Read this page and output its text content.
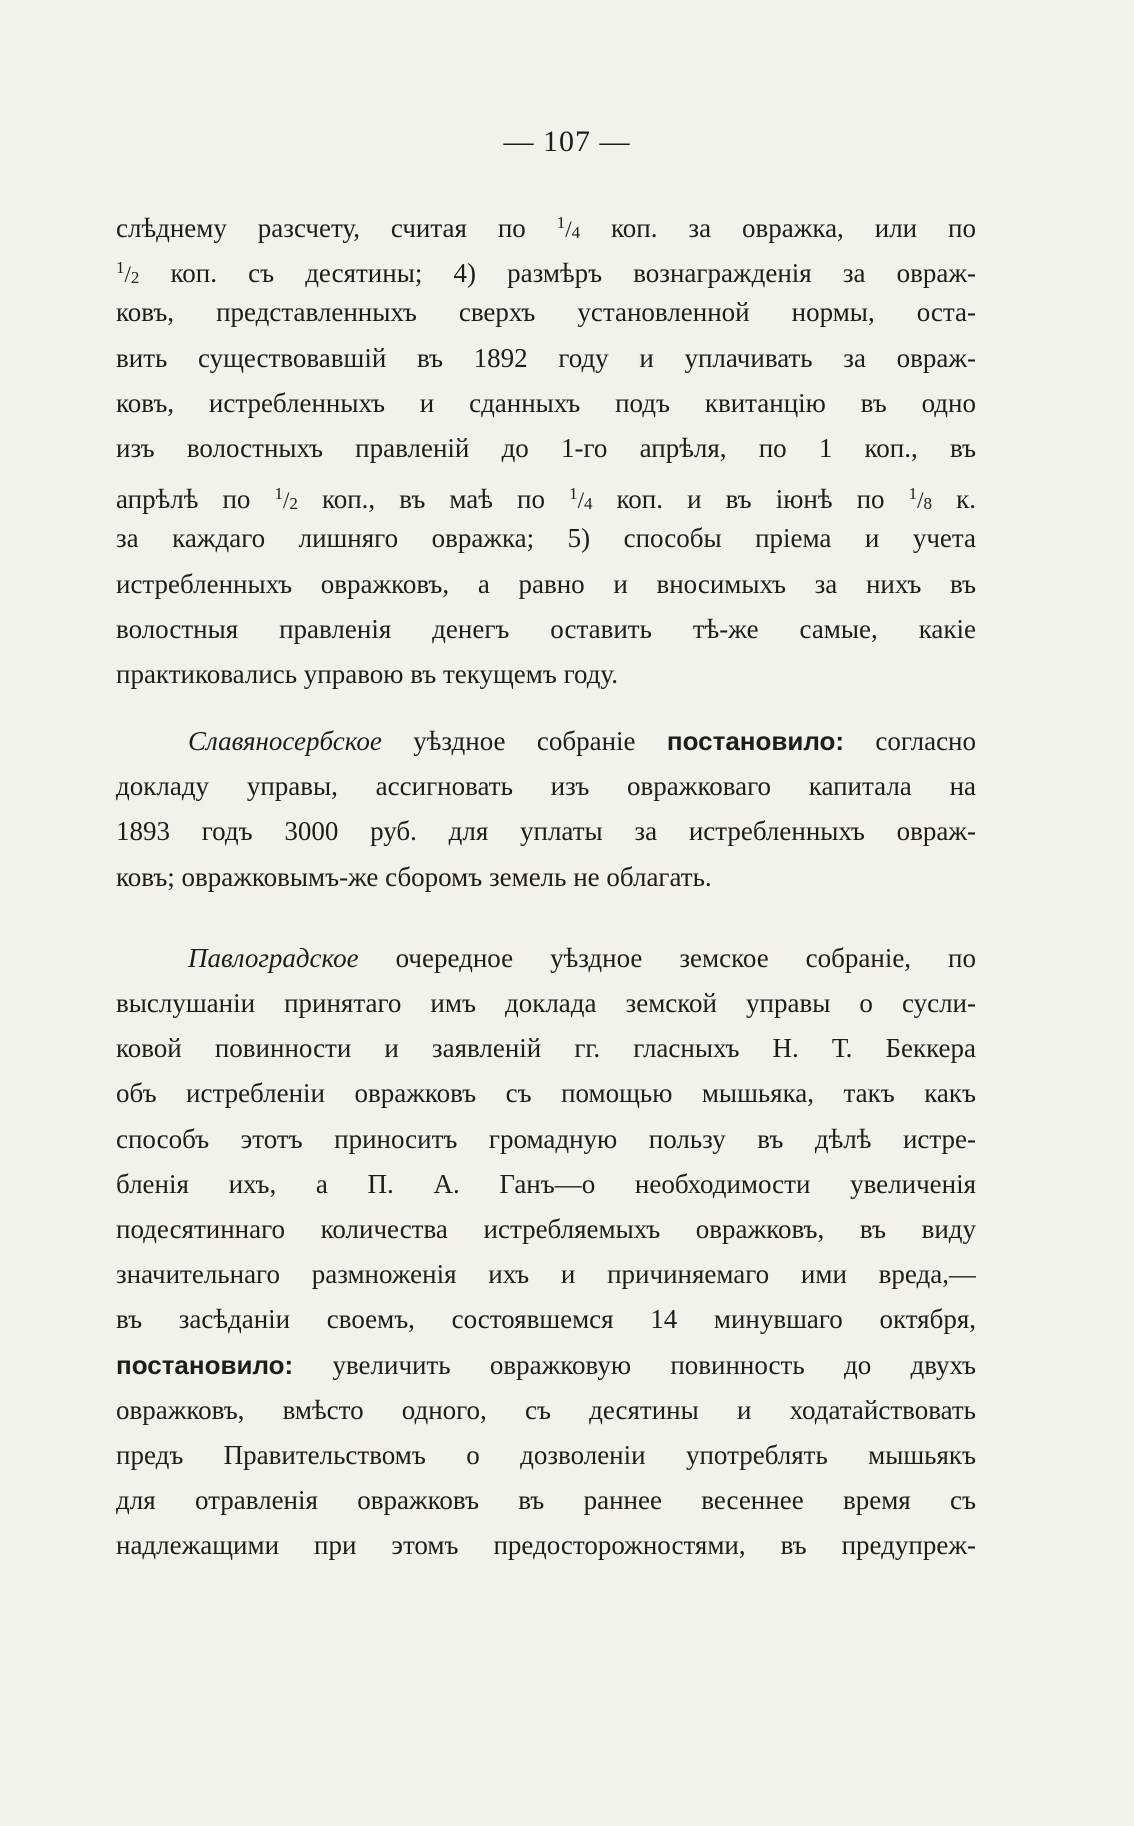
— 107 —
слѣднему разсчету, считая по $^1/_4$ коп. за овражка, или по
$^1/_2$ коп. съ десятины; 4) размѣръ вознагражденія за оврaж-
ковъ, представленныхъ сверхъ установленной нормы, оста-
вить существовавшій въ 1892 году и уплачивать за оврaж-
ковъ, истребленныхъ и сданныхъ подъ квитанцію въ одно
изъ волостныхъ правленій до 1-го апрѣля, по 1 коп., въ
апрѣлѣ по $^1/_2$ коп., въ маѣ по $^1/_4$ коп. и въ іюнѣ по $^1/_8$ к.
за каждаго лишняго овражка; 5) способы пріема и учета
истребленныхъ овражковъ, а равно и вносимыхъ за нихъ въ
волостныя правленія денегъ оставить тѣ-же самые, какіе
практиковались управою въ текущемъ году.
Славяносербское уѣздное собраніе постановило: согласно
докладу управы, ассигновать изъ овражковаго капитала на
1893 годъ 3000 руб. для уплаты за истребленныхъ оврaж-
ковъ; овражковымъ-же сборомъ земель не облагать.
Павлоградское очередное уѣздное земское собраніе, по
выслушаніи принятаго имъ доклада земской управы о сусли-
ковой повинности и заявленій гг. гласныхъ Н. Т. Беккера
объ истребленіи овражковъ съ помощью мышьяка, такъ какъ
способъ этотъ приноситъ громадную пользу въ дѣлѣ истре-
бленія ихъ, а П. А. Ганъ—о необходимости увеличенія
подесятиннаго количества истребляемыхъ овражковъ, въ виду
значительнаго размноженія ихъ и причиняемаго ими вреда,—
въ засѣданіи своемъ, состоявшемся 14 минувшаго октября,
постановило: увеличить овражковую повинность до двухъ
овражковъ, вмѣсто одного, съ десятины и ходатайствовать
предъ Правительствомъ о дозволеніи употреблять мышьякъ
для отравленія овражковъ въ раннее весеннее время съ
надлежащими при этомъ предосторожностями, въ предупреж-
